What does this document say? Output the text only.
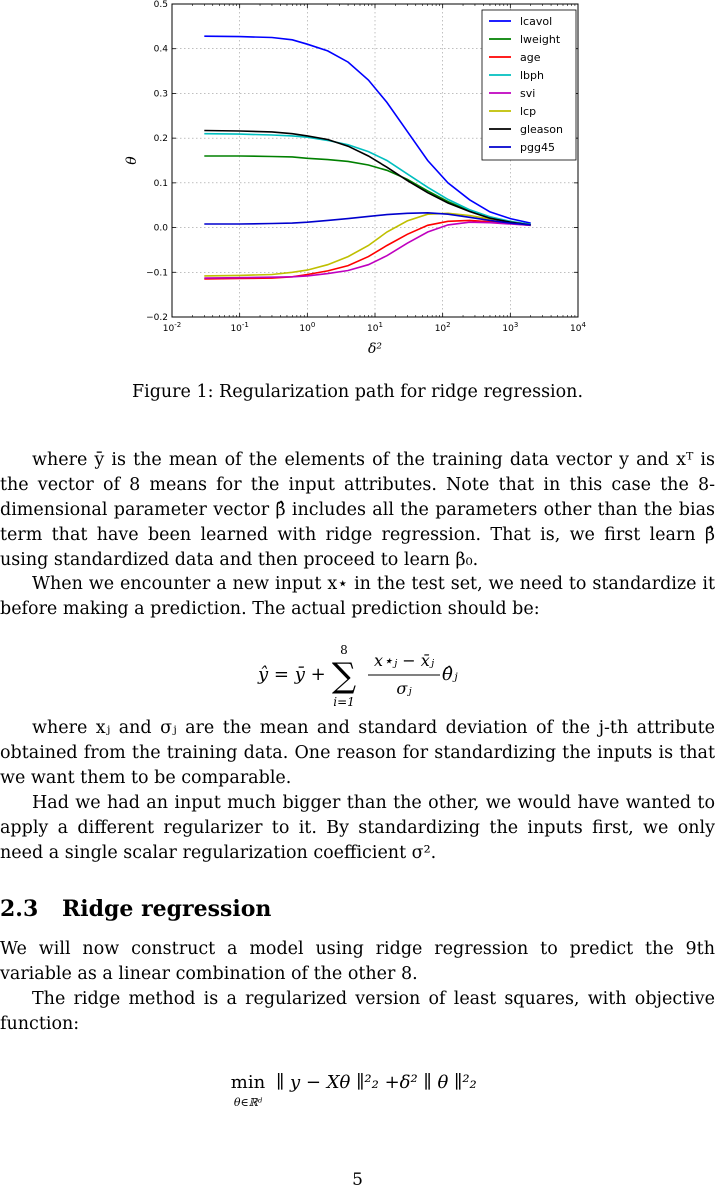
0.5
0.4
0.3
0.2
0.1
0.0
−0.1
−0.2
$10^{-2}$	$10^{-1}$	$10^0$	$10^1$	$10^2$	$10^3$	$10^4$
δ²
θ
lcavol
lweight
age
lbph
svi
lcp
gleason
pgg45
Figure 1: Regularization path for ridge regression.
where ȳ is the mean of the elements of the training data vector y and xᵀ is the vector of 8 means for the input attributes. Note that in this case the 8-dimensional parameter vector β̂ includes all the parameters other than the bias term that have been learned with ridge regression. That is, we first learn β̂ using standardized data and then proceed to learn β₀.
When we encounter a new input x⋆ in the test set, we need to standardize it before making a prediction. The actual prediction should be:
ŷ = ȳ +
8
∑
i=1
x⋆ⱼ − x̄ⱼ
σⱼ
θ̂ⱼ
where xⱼ and σⱼ are the mean and standard deviation of the j-th attribute obtained from the training data. One reason for standardizing the inputs is that we want them to be comparable.
Had we had an input much bigger than the other, we would have wanted to apply a different regularizer to it. By standardizing the inputs first, we only need a single scalar regularization coefficient σ².
2.3 Ridge regression
We will now construct a model using ridge regression to predict the 9th variable as a linear combination of the other 8.
The ridge method is a regularized version of least squares, with objective function:
min
θ∈ℝᵈ
∥ y − Xθ ∥²₂ +δ² ∥ θ ∥²₂
5
